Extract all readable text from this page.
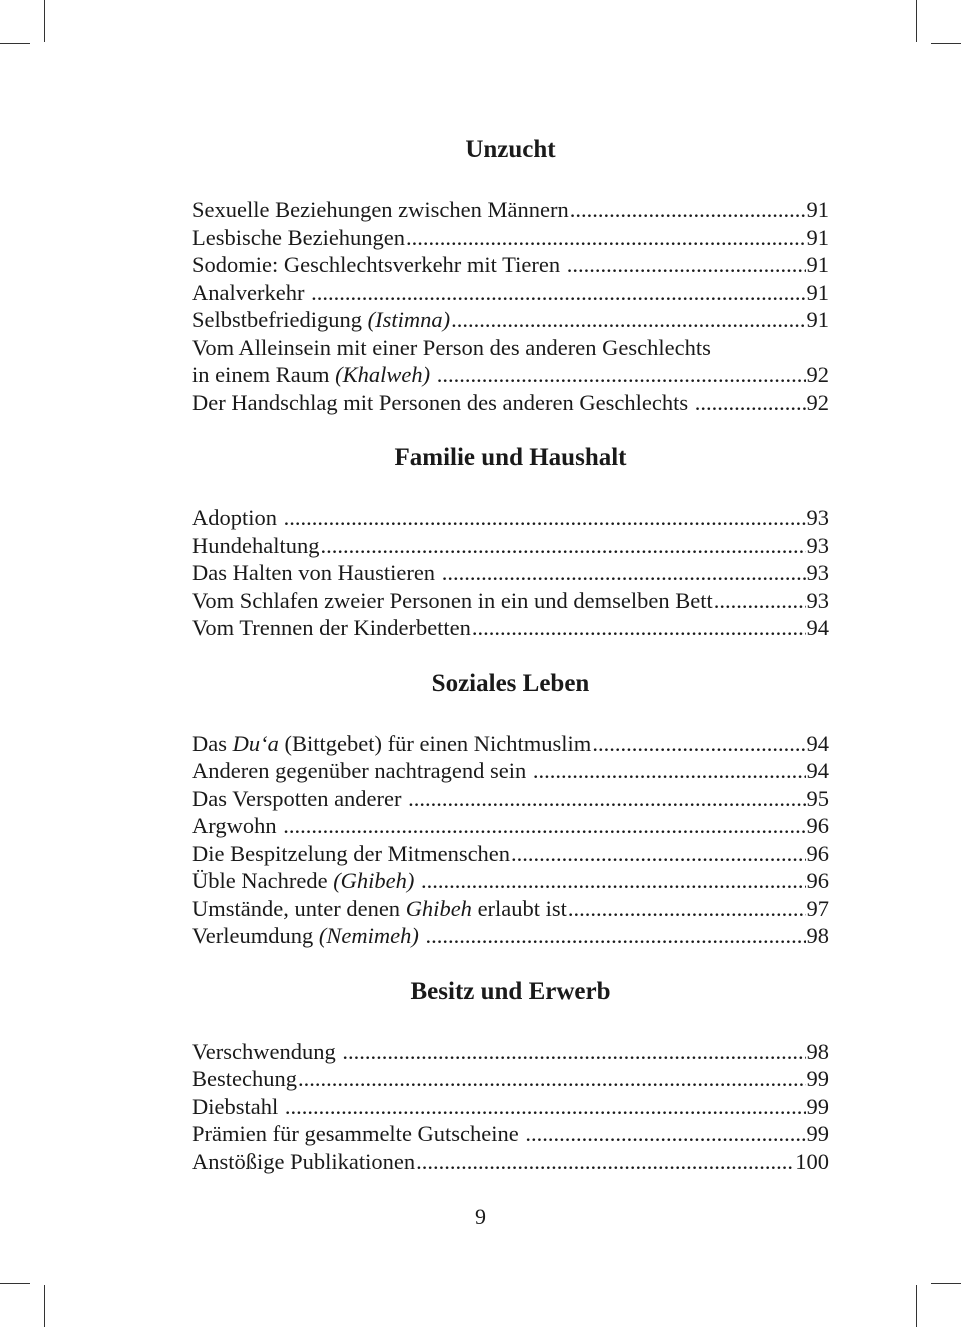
Unzucht
Sexuelle Beziehungen zwischen Männern .....	91
Lesbische Beziehungen .....	91
Sodomie: Geschlechtsverkehr mit Tieren .....	91
Analverkehr .....	91
Selbstbefriedigung (Istimna) .....	91
Vom Alleinsein mit einer Person des anderen Geschlechts
in einem Raum (Khalweh) .....	92
Der Handschlag mit Personen des anderen Geschlechts .....	92
Familie und Haushalt
Adoption .....	93
Hundehaltung .....	93
Das Halten von Haustieren .....	93
Vom Schlafen zweier Personen in ein und demselben Bett .....	93
Vom Trennen der Kinderbetten .....	94
Soziales Leben
Das Du‘a (Bittgebet) für einen Nichtmuslim .....	94
Anderen gegenüber nachtragend sein .....	94
Das Verspotten anderer .....	95
Argwohn .....	96
Die Bespitzelung der Mitmenschen .....	96
Üble Nachrede (Ghibeh) .....	96
Umstände, unter denen Ghibeh erlaubt ist .....	97
Verleumdung (Nemimeh) .....	98
Besitz und Erwerb
Verschwendung .....	98
Bestechung .....	99
Diebstahl .....	99
Prämien für gesammelte Gutscheine .....	99
Anstößige Publikationen .....	100
9
